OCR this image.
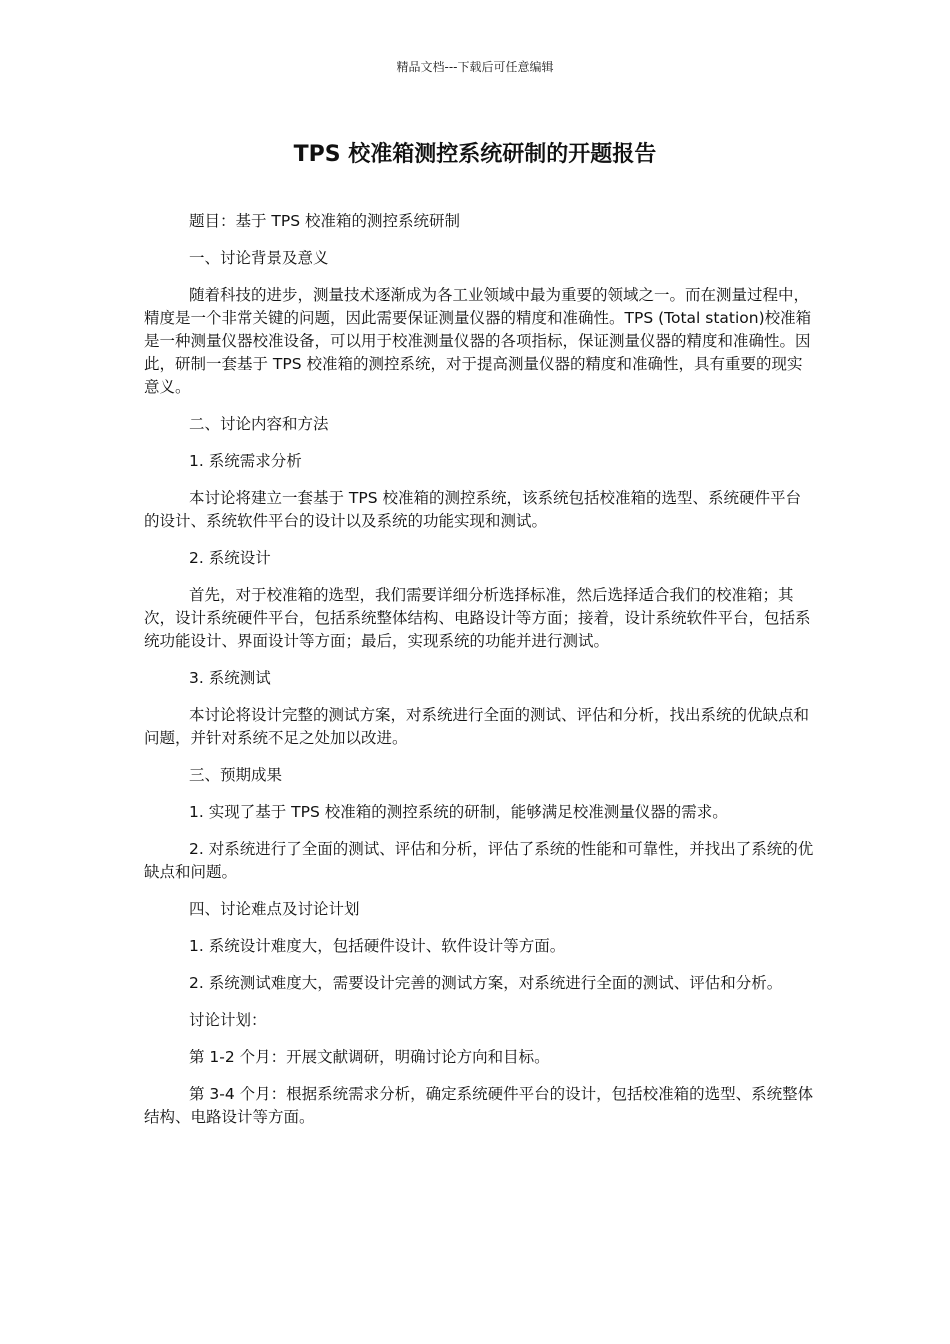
精品文档---下载后可任意编辑
TPS 校准箱测控系统研制的开题报告

题目：基于 TPS 校准箱的测控系统研制

一、讨论背景及意义

随着科技的进步，测量技术逐渐成为各工业领域中最为重要的领域之一。而在测量过程中，精度是一个非常关键的问题，因此需要保证测量仪器的精度和准确性。TPS (Total station)校准箱是一种测量仪器校准设备，可以用于校准测量仪器的各项指标，保证测量仪器的精度和准确性。因此，研制一套基于 TPS 校准箱的测控系统，对于提高测量仪器的精度和准确性，具有重要的现实意义。

二、讨论内容和方法

1. 系统需求分析

本讨论将建立一套基于 TPS 校准箱的测控系统，该系统包括校准箱的选型、系统硬件平台的设计、系统软件平台的设计以及系统的功能实现和测试。

2. 系统设计

首先，对于校准箱的选型，我们需要详细分析选择标准，然后选择适合我们的校准箱；其次，设计系统硬件平台，包括系统整体结构、电路设计等方面；接着，设计系统软件平台，包括系统功能设计、界面设计等方面；最后，实现系统的功能并进行测试。

3. 系统测试

本讨论将设计完整的测试方案，对系统进行全面的测试、评估和分析，找出系统的优缺点和问题，并针对系统不足之处加以改进。

三、预期成果

1. 实现了基于 TPS 校准箱的测控系统的研制，能够满足校准测量仪器的需求。

2. 对系统进行了全面的测试、评估和分析，评估了系统的性能和可靠性，并找出了系统的优缺点和问题。

四、讨论难点及讨论计划

1. 系统设计难度大，包括硬件设计、软件设计等方面。

2. 系统测试难度大，需要设计完善的测试方案，对系统进行全面的测试、评估和分析。

讨论计划：

第 1-2 个月：开展文献调研，明确讨论方向和目标。

第 3-4 个月：根据系统需求分析，确定系统硬件平台的设计，包括校准箱的选型、系统整体结构、电路设计等方面。
